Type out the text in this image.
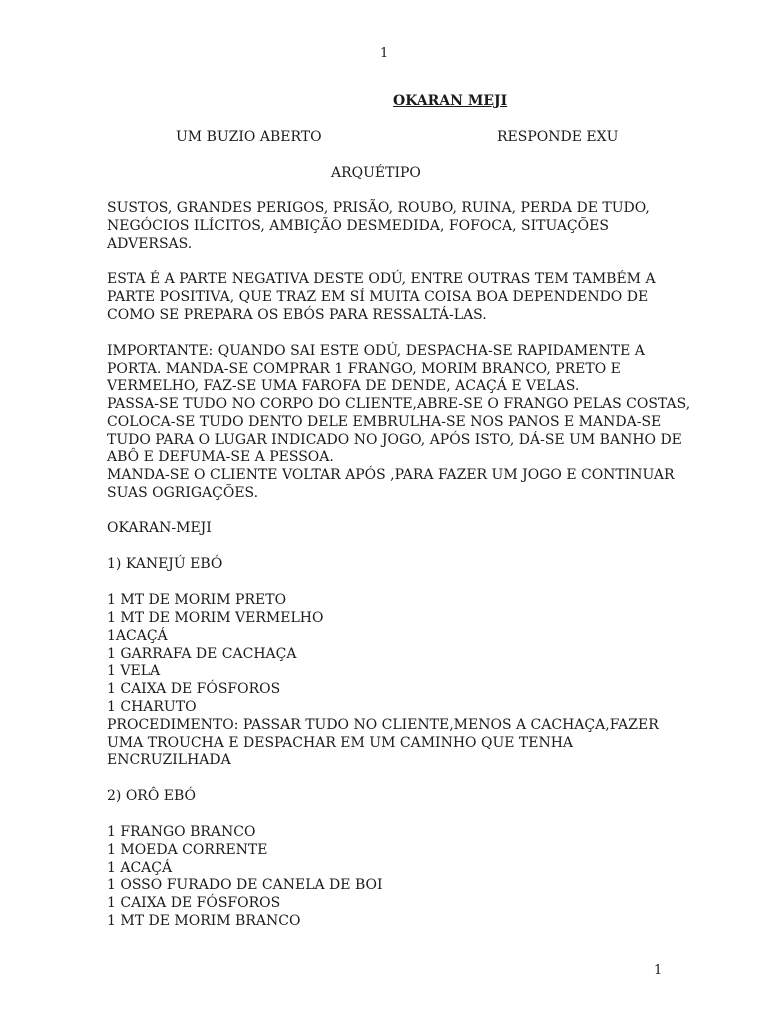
1
OKARAN MEJI
UM BUZIO ABERTO	RESPONDE EXU
ARQUÉTIPO
SUSTOS, GRANDES PERIGOS, PRISÃO, ROUBO, RUINA, PERDA DE TUDO,
NEGÓCIOS ILÍCITOS, AMBIÇÃO DESMEDIDA, FOFOCA, SITUAÇÕES
ADVERSAS.
ESTA É A PARTE NEGATIVA DESTE ODÚ, ENTRE OUTRAS TEM TAMBÉM A
PARTE POSITIVA, QUE TRAZ EM SÍ MUITA COISA BOA DEPENDENDO DE
COMO SE PREPARA OS EBÓS PARA RESSALTÁ-LAS.
IMPORTANTE: QUANDO SAI ESTE ODÚ, DESPACHA-SE RAPIDAMENTE A
PORTA. MANDA-SE COMPRAR 1 FRANGO, MORIM BRANCO, PRETO E
VERMELHO, FAZ-SE UMA FAROFA DE DENDE, ACAÇÁ E VELAS.
PASSA-SE TUDO NO CORPO DO CLIENTE,ABRE-SE O FRANGO PELAS COSTAS,
COLOCA-SE TUDO DENTO DELE EMBRULHA-SE NOS PANOS E MANDA-SE
TUDO PARA O LUGAR INDICADO NO JOGO, APÓS ISTO, DÁ-SE UM BANHO DE
ABÔ E DEFUMA-SE A PESSOA.
MANDA-SE O CLIENTE VOLTAR APÓS ,PARA FAZER UM JOGO E CONTINUAR
SUAS OGRIGAÇÕES.
OKARAN-MEJI
1) KANEJÚ EBÓ
1 MT DE MORIM PRETO
1 MT DE MORIM VERMELHO
1ACAÇÁ
1 GARRAFA DE CACHAÇA
1 VELA
1 CAIXA DE FÓSFOROS
1 CHARUTO
PROCEDIMENTO: PASSAR TUDO NO CLIENTE,MENOS A CACHAÇA,FAZER
UMA TROUCHA E DESPACHAR EM UM CAMINHO QUE TENHA
ENCRUZILHADA
2) ORÔ EBÓ
1 FRANGO BRANCO
1 MOEDA CORRENTE
1 ACAÇÁ
1 OSSO FURADO DE CANELA DE BOI
1 CAIXA DE FÓSFOROS
1 MT DE MORIM BRANCO
1
